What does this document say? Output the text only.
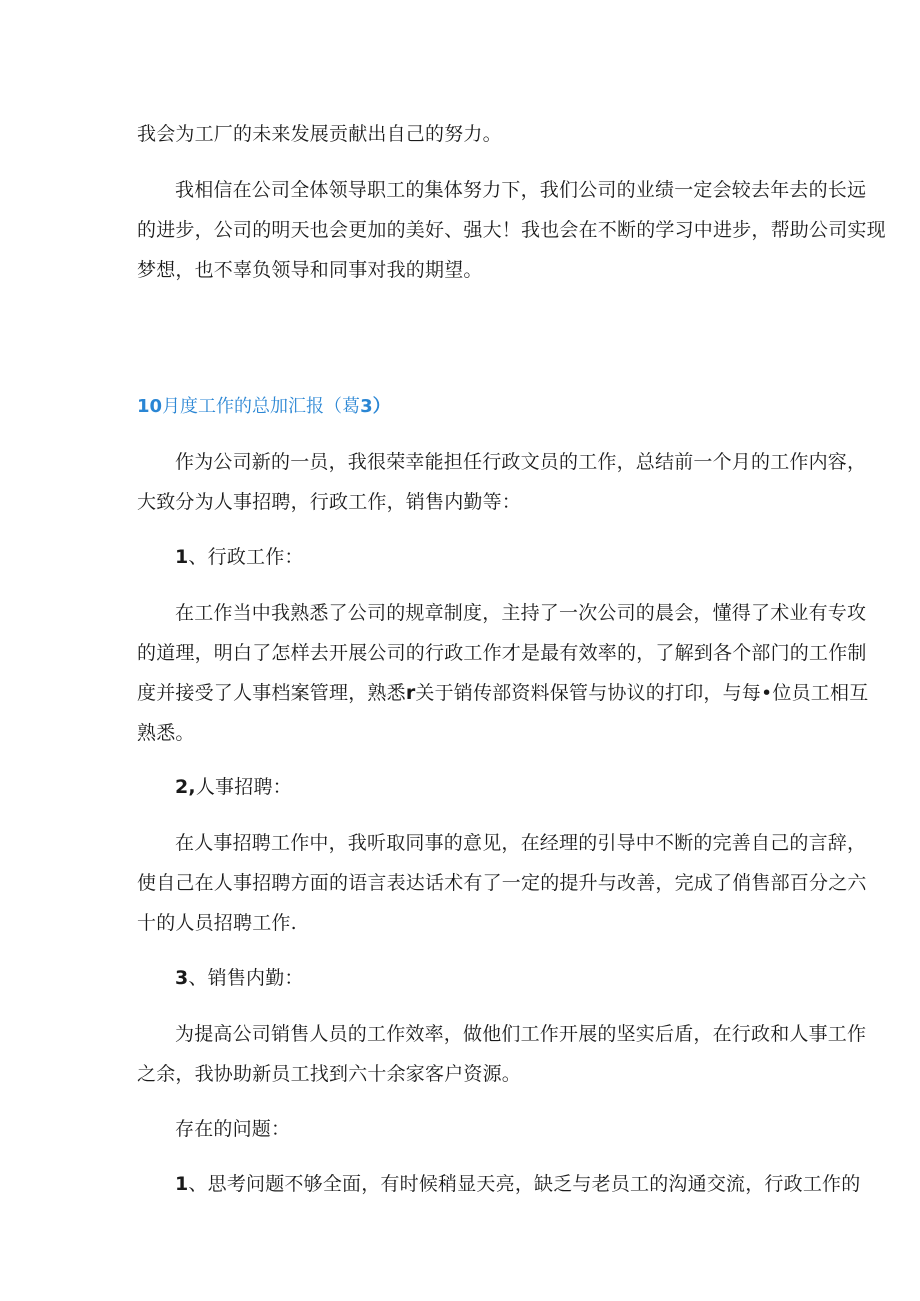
我会为工厂的未来发展贡献出自己的努力。
我相信在公司全体领导职工的集体努力下，我们公司的业绩一定会较去年去的长远
的进步，公司的明天也会更加的美好、强大！我也会在不断的学习中进步，帮助公司实现
梦想，也不辜负领导和同事对我的期望。
10月度工作的总加汇报（葛3）
作为公司新的一员，我很荣幸能担任行政文员的工作，总结前一个月的工作内容，
大致分为人事招聘，行政工作，销售内勤等：
1、行政工作：
在工作当中我熟悉了公司的规章制度，主持了一次公司的晨会，懂得了术业有专攻
的道理，明白了怎样去开展公司的行政工作才是最有效率的，了解到各个部门的工作制
度并接受了人事档案管理，熟悉r关于销传部资料保管与协议的打印，与每•位员工相互
熟悉。
2,人事招聘：
在人事招聘工作中，我听取同事的意见，在经理的引导中不断的完善自己的言辞，
使自己在人事招聘方面的语言表达话术有了一定的提升与改善，完成了俏售部百分之六
十的人员招聘工作.
3、销售内勤：
为提高公司销售人员的工作效率，做他们工作开展的坚实后盾，在行政和人事工作
之余，我协助新员工找到六十余家客户资源。
存在的问题：
1、思考问题不够全面，有时候稍显天亮，缺乏与老员工的沟通交流，行政工作的
